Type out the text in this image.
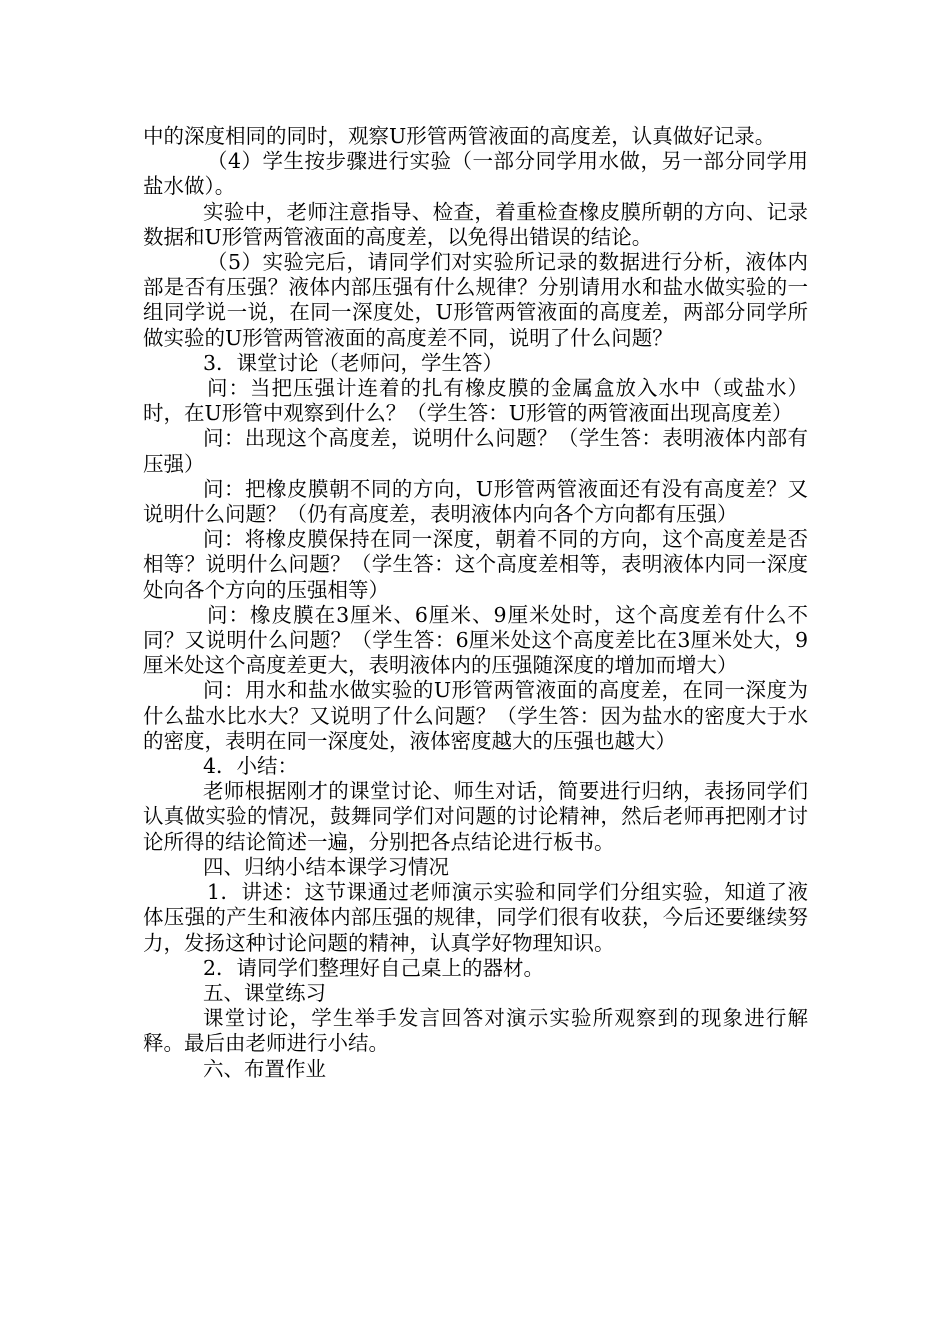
中的深度相同的同时，观察U形管两管液面的高度差，认真做好记录。

（4）学生按步骤进行实验（一部分同学用水做，另一部分同学用盐水做）。

实验中，老师注意指导、检查，着重检查橡皮膜所朝的方向、记录数据和U形管两管液面的高度差，以免得出错误的结论。

（5）实验完后，请同学们对实验所记录的数据进行分析，液体内部是否有压强？液体内部压强有什么规律？分别请用水和盐水做实验的一组同学说一说，在同一深度处，U形管两管液面的高度差，两部分同学所做实验的U形管两管液面的高度差不同，说明了什么问题？

3．课堂讨论（老师问，学生答）

问：当把压强计连着的扎有橡皮膜的金属盒放入水中（或盐水）时，在U形管中观察到什么？（学生答：U形管的两管液面出现高度差）

问：出现这个高度差，说明什么问题？（学生答：表明液体内部有压强）

问：把橡皮膜朝不同的方向，U形管两管液面还有没有高度差？又说明什么问题？（仍有高度差，表明液体内向各个方向都有压强）

问：将橡皮膜保持在同一深度，朝着不同的方向，这个高度差是否相等？说明什么问题？（学生答：这个高度差相等，表明液体内同一深度处向各个方向的压强相等）

问：橡皮膜在3厘米、6厘米、9厘米处时，这个高度差有什么不同？又说明什么问题？（学生答：6厘米处这个高度差比在3厘米处大，9厘米处这个高度差更大，表明液体内的压强随深度的增加而增大）

问：用水和盐水做实验的U形管两管液面的高度差，在同一深度为什么盐水比水大？又说明了什么问题？（学生答：因为盐水的密度大于水的密度，表明在同一深度处，液体密度越大的压强也越大）

4．小结：

老师根据刚才的课堂讨论、师生对话，简要进行归纳，表扬同学们认真做实验的情况，鼓舞同学们对问题的讨论精神，然后老师再把刚才讨论所得的结论简述一遍，分别把各点结论进行板书。

四、归纳小结本课学习情况

1．讲述：这节课通过老师演示实验和同学们分组实验，知道了液体压强的产生和液体内部压强的规律，同学们很有收获，今后还要继续努力，发扬这种讨论问题的精神，认真学好物理知识。

2．请同学们整理好自己桌上的器材。

五、课堂练习

课堂讨论，学生举手发言回答对演示实验所观察到的现象进行解释。最后由老师进行小结。

六、布置作业
